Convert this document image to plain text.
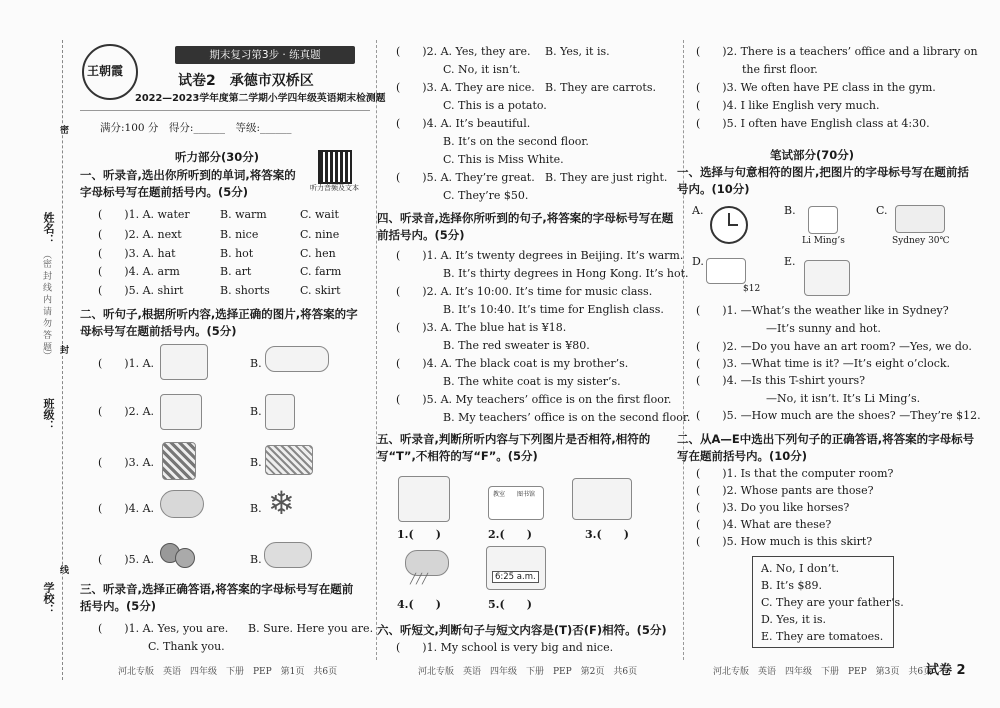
姓名：
班级：
学校：
（密 封 线 内 请 勿 答 题）
密
封
线
王朝霞
期末复习第3步 · 练真题
试卷2　承德市双桥区
2022—2023学年度第二学期小学四年级英语期末检测题
满分:100 分　得分:______　等级:______
听力部分(30分)
听力音频及文本
一、听录音,选出你所听到的单词,将答案的字母标号写在题前括号内。(5分)
(　　)1. A. water	B. warm	C. wait
(　　)2. A. next	B. nice	C. nine
(　　)3. A. hat	B. hot	C. hen
(　　)4. A. arm	B. art	C. farm
(　　)5. A. shirt	B. shorts	C. skirt
二、听句子,根据所听内容,选择正确的图片,将答案的字母标号写在题前括号内。(5分)
(　　)1. A.	B.
(　　)2. A.	B.
(　　)3. A.	B.
(　　)4. A.	B. ❄
(　　)5. A.	B.
三、听录音,选择正确答语,将答案的字母标号写在题前括号内。(5分)
(　　)1. A. Yes, you are. B. Sure. Here you are.
C. Thank you.
河北专版　英语　四年级　下册　PEP　第1页　共6页
(　　)2. A. Yes, they are. B. Yes, it is.
C. No, it isn’t.
(　　)3. A. They are nice. B. They are carrots.
C. This is a potato.
(　　)4. A. It’s beautiful.
B. It’s on the second floor.
C. This is Miss White.
(　　)5. A. They’re great. B. They are just right.
C. They’re $50.
四、听录音,选择你所听到的句子,将答案的字母标号写在题前括号内。(5分)
(　　)1. A. It’s twenty degrees in Beijing. It’s warm.
B. It’s thirty degrees in Hong Kong. It’s hot.
(　　)2. A. It’s 10:00. It’s time for music class.
B. It’s 10:40. It’s time for English class.
(　　)3. A. The blue hat is ¥18.
B. The red sweater is ¥80.
(　　)4. A. The black coat is my brother’s.
B. The white coat is my sister’s.
(　　)5. A. My teachers’ office is on the first floor.
B. My teachers’ office is on the second floor.
五、听录音,判断所听内容与下列图片是否相符,相符的写“T”,不相符的写“F”。(5分)
教室 图书馆
1.(　　)	2.(　　)	3.(　　)
╱╱╱	6:25 a.m.
4.(　　)	5.(　　)
六、听短文,判断句子与短文内容是(T)否(F)相符。(5分)
(　　)1. My school is very big and nice.
河北专版　英语　四年级　下册　PEP　第2页　共6页
(　　)2. There is a teachers’ office and a library on
the first floor.
(　　)3. We often have PE class in the gym.
(　　)4. I like English very much.
(　　)5. I often have English class at 4:30.
笔试部分(70分)
一、选择与句意相符的图片,把图片的字母标号写在题前括号内。(10分)
A.	B.
Li Ming’s
C.
Sydney 30℃
D.
$12
E.
(　　)1. —What’s the weather like in Sydney?
—It’s sunny and hot.
(　　)2. —Do you have an art room? —Yes, we do.
(　　)3. —What time is it? —It’s eight o’clock.
(　　)4. —Is this T-shirt yours?
—No, it isn’t. It’s Li Ming’s.
(　　)5. —How much are the shoes? —They’re $12.
二、从A—E中选出下列句子的正确答语,将答案的字母标号写在题前括号内。(10分)
(　　)1. Is that the computer room?
(　　)2. Whose pants are those?
(　　)3. Do you like horses?
(　　)4. What are these?
(　　)5. How much is this skirt?
A. No, I don’t.
B. It’s $89.
C. They are your father’s.
D. Yes, it is.
E. They are tomatoes.
河北专版　英语　四年级　下册　PEP　第3页　共6页
试卷 2
